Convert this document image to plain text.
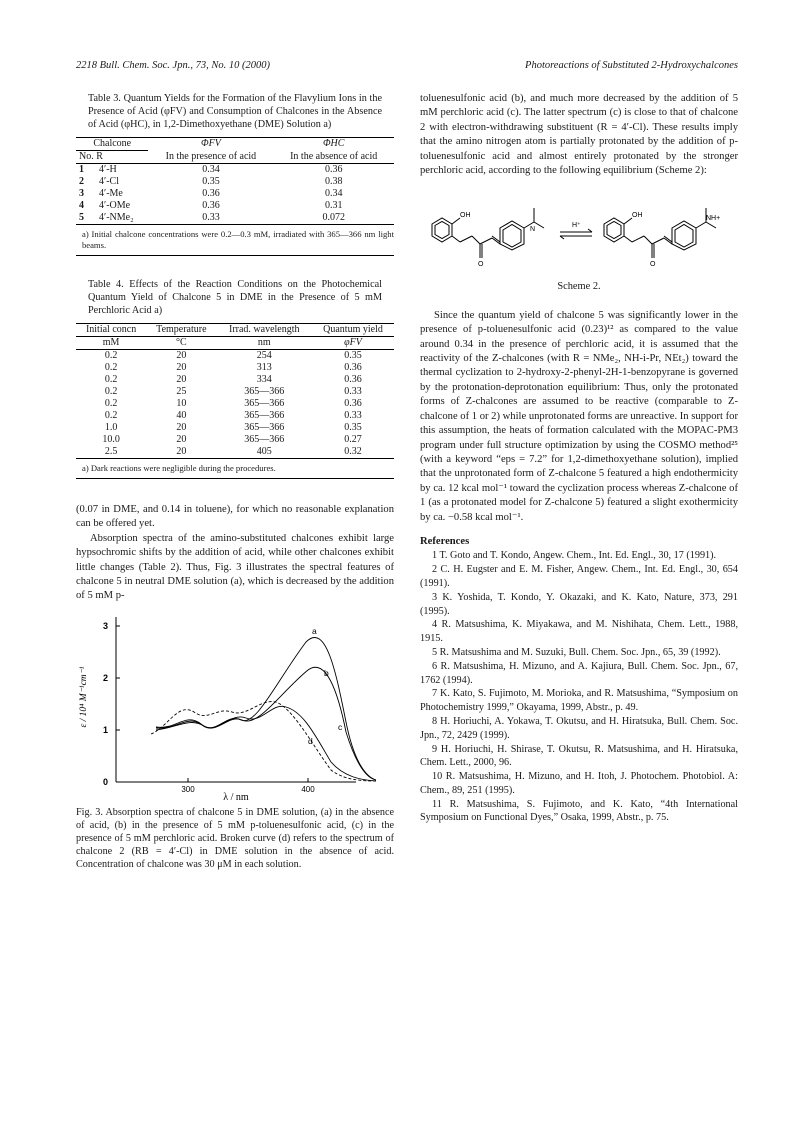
2218 Bull. Chem. Soc. Jpn., 73, No. 10 (2000)	Photoreactions of Substituted 2-Hydroxychalcones

Table 3. Quantum Yields for the Formation of the Flavylium Ions in the Presence of Acid (φFV) and Consumption of Chalcones in the Absence of Acid (φHC), in 1,2-Dimethoxyethane (DME) Solution a)

Chalcone		ΦFV	ΦHC
No. R		In the presence of acid	In the absence of acid
1	4′-H	0.34	0.36
2	4′-Cl	0.35	0.38
3	4′-Me	0.36	0.34
4	4′-OMe	0.36	0.31
5	4′-NMe₂	0.33	0.072

a) Initial chalcone concentrations were 0.2—0.3 mM, irradiated with 365—366 nm light beams.

Table 4. Effects of the Reaction Conditions on the Photochemical Quantum Yield of Chalcone 5 in DME in the Presence of 5 mM Perchloric Acid a)

Initial concn	Temperature	Irrad. wavelength	Quantum yield
mM	°C	nm	φFV
0.2	20	254	0.35
0.2	20	313	0.36
0.2	20	334	0.36
0.2	25	365—366	0.33
0.2	10	365—366	0.36
0.2	40	365—366	0.33
1.0	20	365—366	0.35
10.0	20	365—366	0.27
2.5	20	405	0.32

a) Dark reactions were negligible during the procedures.

(0.07 in DME, and 0.14 in toluene), for which no reasonable explanation can be offered yet.

Absorption spectra of the amino-substituted chalcones exhibit large hypsochromic shifts by the addition of acid, while other chalcones exhibit little changes (Table 2). Thus, Fig. 3 illustrates the spectral features of chalcone 5 in neutral DME solution (a), which is decreased by the addition of 5 mM p-

0
1
2
3
300	400
a
b
c
d
ε / 10⁴ M⁻¹cm⁻¹
λ / nm

Fig. 3. Absorption spectra of chalcone 5 in DME solution, (a) in the absence of acid, (b) in the presence of 5 mM p-toluenesulfonic acid, (c) in the presence of 5 mM perchloric acid. Broken curve (d) refers to the spectrum of chalcone 2 (RB = 4′-Cl) in DME solution in the absence of acid. Concentration of chalcone was 30 μM in each solution.

toluenesulfonic acid (b), and much more decreased by the addition of 5 mM perchloric acid (c). The latter spectrum (c) is close to that of chalcone 2 with electron-withdrawing substituent (R = 4′-Cl). These results imply that the amino nitrogen atom is partially protonated by the addition of p-toluenesulfonic acid and almost entirely protonated by the stronger perchloric acid, according to the following equilibrium (Scheme 2):

OH
N
O
H⁺
OH	NH+
O

Scheme 2.

Since the quantum yield of chalcone 5 was significantly lower in the presence of p-toluenesulfonic acid (0.23)¹² as compared to the value around 0.34 in the presence of perchloric acid, it is assumed that the reactivity of the Z-chalcones (with R = NMe₂, NH-i-Pr, NEt₂) toward the thermal cyclization to 2-hydroxy-2-phenyl-2H-1-benzopyrane is governed by the protonation-deprotonation equilibrium: Thus, only the protonated forms of Z-chalcones are assumed to be reactive (comparable to Z-chalcone of 1 or 2) while unprotonated forms are unreactive. In support for this assumption, the heats of formation calculated with the MOPAC-PM3 program under full structure optimization by using the COSMO method²⁵ (with a keyword “eps = 7.2” for 1,2-dimethoxyethane solution), implied that the unprotonated form of Z-chalcone 5 featured a high endothermicity by ca. 12 kcal mol⁻¹ toward the cyclization process whereas Z-chalcone of 1 (as a protonated model for Z-chalcone 5) featured a slight exothermicity by ca. −0.58 kcal mol⁻¹.

References

1 T. Goto and T. Kondo, Angew. Chem., Int. Ed. Engl., 30, 17 (1991).

2 C. H. Eugster and E. M. Fisher, Angew. Chem., Int. Ed. Engl., 30, 654 (1991).

3 K. Yoshida, T. Kondo, Y. Okazaki, and K. Kato, Nature, 373, 291 (1995).

4 R. Matsushima, K. Miyakawa, and M. Nishihata, Chem. Lett., 1988, 1915.

5 R. Matsushima and M. Suzuki, Bull. Chem. Soc. Jpn., 65, 39 (1992).

6 R. Matsushima, H. Mizuno, and A. Kajiura, Bull. Chem. Soc. Jpn., 67, 1762 (1994).

7 K. Kato, S. Fujimoto, M. Morioka, and R. Matsushima, “Symposium on Photochemistry 1999,” Okayama, 1999, Abstr., p. 49.

8 H. Horiuchi, A. Yokawa, T. Okutsu, and H. Hiratsuka, Bull. Chem. Soc. Jpn., 72, 2429 (1999).

9 H. Horiuchi, H. Shirase, T. Okutsu, R. Matsushima, and H. Hiratsuka, Chem. Lett., 2000, 96.

10 R. Matsushima, H. Mizuno, and H. Itoh, J. Photochem. Photobiol. A: Chem., 89, 251 (1995).

11 R. Matsushima, S. Fujimoto, and K. Kato, “4th International Symposium on Functional Dyes,” Osaka, 1999, Abstr., p. 75.
